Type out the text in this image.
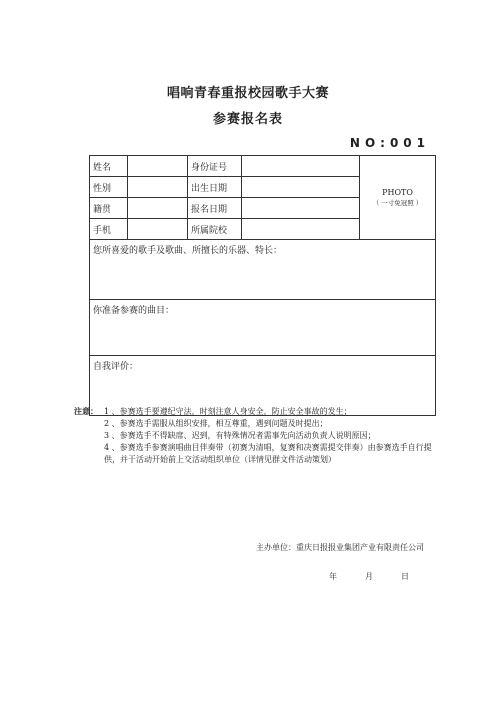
唱响青春重报校园歌手大赛
参赛报名表
NO:001
姓名		身份证号		PHOTO
（ 一寸免冠照 ）

性别		出生日期		
籍贯		报名日期		
手机		所属院校		
您所喜爱的歌手及歌曲、所擅长的乐器、特长：				
你准备参赛的曲目：				
自我评价：				
注意： 1 、参赛选手要遵纪守法，时刻注意人身安全，防止安全事故的发生；
2 、参赛选手需服从组织安排，相互尊重，遇到问题及时提出；
3 、参赛选手不得缺席、迟到，有特殊情况者需事先向活动负责人说明原因；
4 、参赛选手参赛演唱曲目伴奏带（初赛为清唱，复赛和决赛需提交伴奏）由参赛选手自行提供，并于活动开始前上交活动组织单位（详情见群文件活动策划）
主办单位：重庆日报报业集团产业有限责任公司
年	月	日
